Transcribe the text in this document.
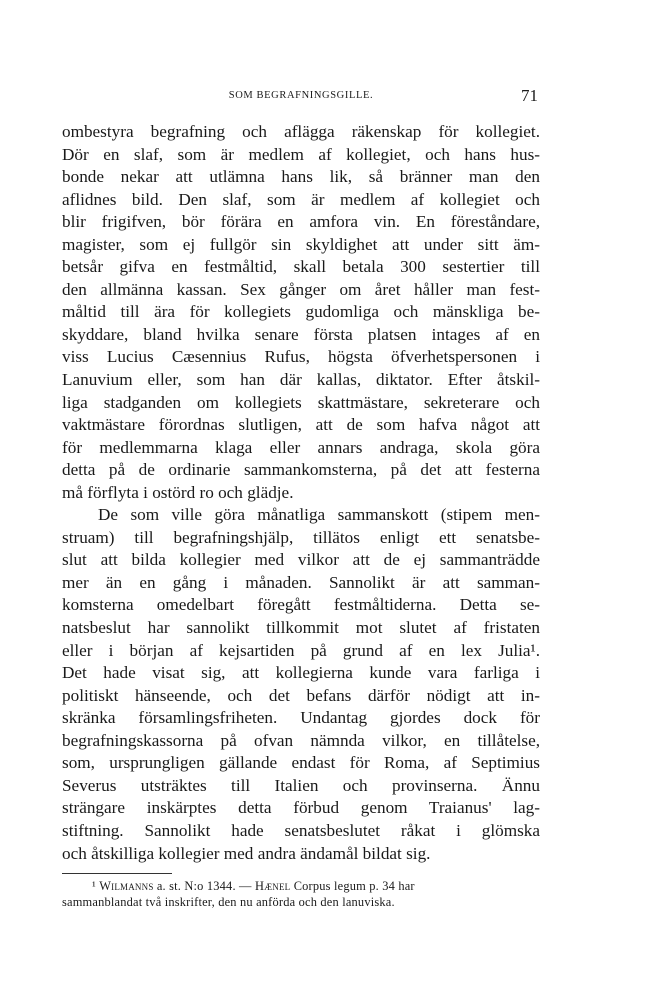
SOM BEGRAFNINGSGILLE.	71
ombestyra begrafning och aflägga räkenskap för kollegiet.
Dör en slaf, som är medlem af kollegiet, och hans hus-
bonde nekar att utlämna hans lik, så bränner man den
aflidnes bild. Den slaf, som är medlem af kollegiet och
blir frigifven, bör förära en amfora vin. En föreståndare,
magister, som ej fullgör sin skyldighet att under sitt äm-
betsår gifva en festmåltid, skall betala 300 sestertier till
den allmänna kassan. Sex gånger om året håller man fest-
måltid till ära för kollegiets gudomliga och mänskliga be-
skyddare, bland hvilka senare första platsen intages af en
viss Lucius Cæsennius Rufus, högsta öfverhetspersonen i
Lanuvium eller, som han där kallas, diktator. Efter åtskil-
liga stadganden om kollegiets skattmästare, sekreterare och
vaktmästare förordnas slutligen, att de som hafva något att
för medlemmarna klaga eller annars andraga, skola göra
detta på de ordinarie sammankomsterna, på det att festerna
må förflyta i ostörd ro och glädje.
De som ville göra månatliga sammanskott (stipem men-
struam) till begrafningshjälp, tillätos enligt ett senatsbe-
slut att bilda kollegier med vilkor att de ej sammanträdde
mer än en gång i månaden. Sannolikt är att samman-
komsterna omedelbart föregått festmåltiderna. Detta se-
natsbeslut har sannolikt tillkommit mot slutet af fristaten
eller i början af kejsartiden på grund af en lex Julia¹.
Det hade visat sig, att kollegierna kunde vara farliga i
politiskt hänseende, och det befans därför nödigt att in-
skränka församlingsfriheten. Undantag gjordes dock för
begrafningskassorna på ofvan nämnda vilkor, en tillåtelse,
som, ursprungligen gällande endast för Roma, af Septimius
Severus utsträktes till Italien och provinserna. Ännu
strängare inskärptes detta förbud genom Traianus' lag-
stiftning. Sannolikt hade senatsbeslutet råkat i glömska
och åtskilliga kollegier med andra ändamål bildat sig.
¹ Wilmanns a. st. N:o 1344. — Hænel Corpus legum p. 34 har
sammanblandat två inskrifter, den nu anförda och den lanuviska.
